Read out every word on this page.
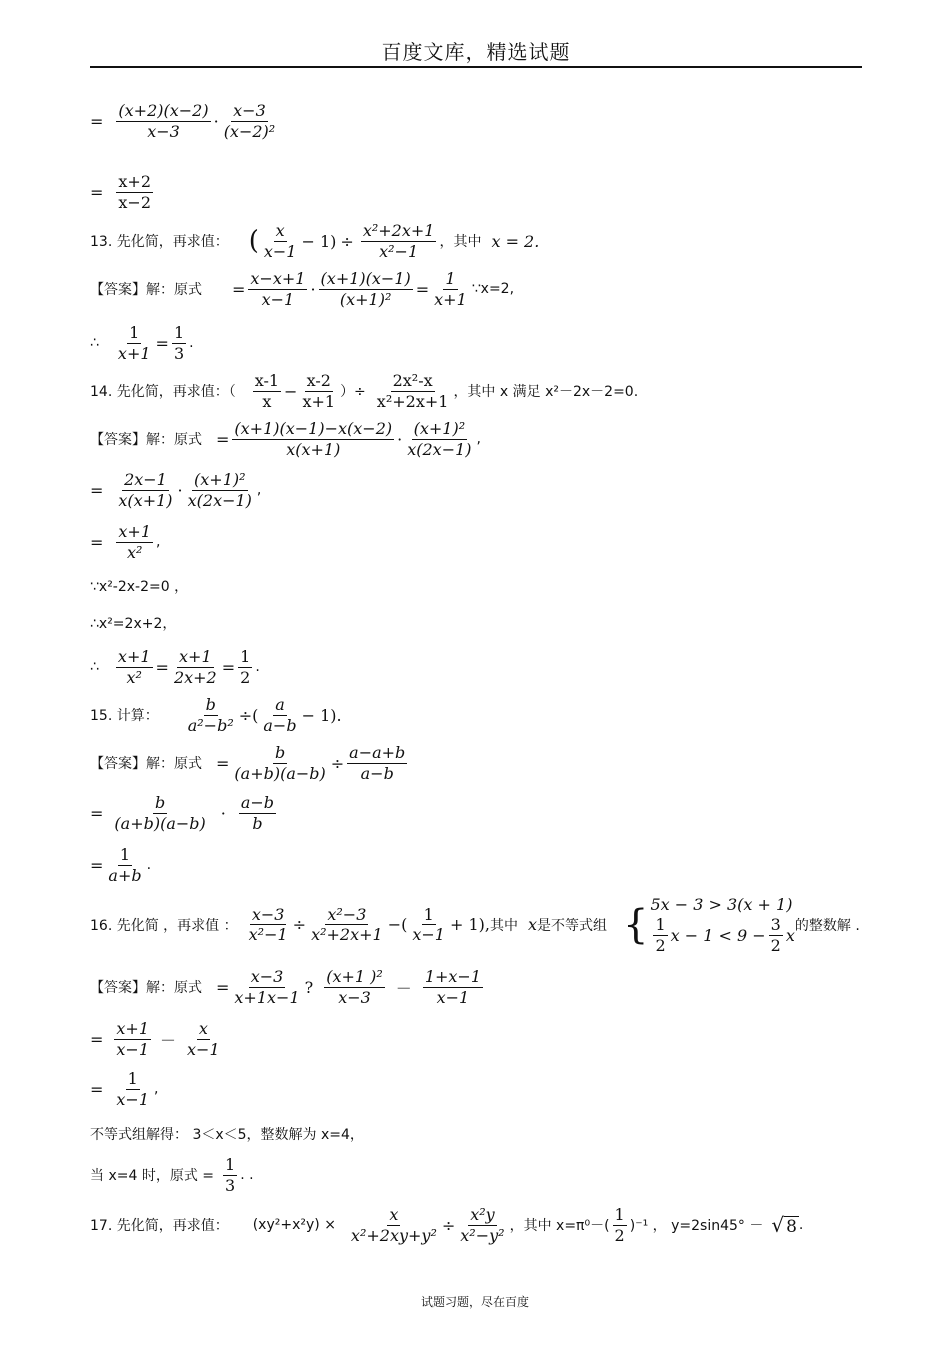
百度文库，精选试题
= $\frac{(x+2)(x-2)}{x-3} \cdot \frac{x-3}{\text{(x−2)²}}$
= $\frac{x+2}{x-2}$
13. 先化简，再求值： ( $\frac{x}{x-1} - 1) \div \frac{\text{x²+2x+1}}{\text{x²−1}}$ ，其中 x = 2.
【答案】解：原式 = $\frac{x-x+1}{x-1} \cdot \frac{(x+1)(x-1)}{\text{(x+1)²}} = \frac{1}{x+1}$ ∵x=2,
∴ $\frac{1}{x+1} = \frac{1}{3}$ .
14. 先化简，再求值：（ $\frac{x-1}{x} - \frac{x-2}{x+1}$ ）÷ $\frac{\text{2x²-x}}{\text{x²+2x+1}}$ ，其中 x 满足 x²－2x－2=0.
【答案】解：原式 = $\frac{(x+1)(x-1)-x(x-2)}{x(x+1)} \cdot \frac{\text{(x+1)²}}{x(2x-1)}$ ,
= $\frac{2x-1}{x(x+1)} \cdot \frac{\text{(x+1)²}}{x(2x-1)}$ ,
= $\frac{x+1}{\text{x²}}$ ,
∵x²-2x-2=0 ，
∴x²=2x+2，
∴ $\frac{x+1}{\text{x²}} = \frac{x+1}{2x+2} = \frac{1}{2}$ .
15. 计算： $\frac{b}{\text{a²−b²}}$ ÷( $\frac{a}{a-b} - 1$).
【答案】解：原式 = $\frac{b}{(a+b)(a-b)} \div \frac{a-a+b}{a-b}$
= $\frac{b}{(a+b)(a-b)} \cdot \frac{a-b}{b}$
= $\frac{1}{a+b}$ .
16. 先化简 ，再求值 ： $\frac{x-3}{\text{x²−1}} \div \frac{\text{x²−3}}{\text{x²+2x+1}}$ −( $\frac{1}{x-1} + 1$), 其中 x 是不等式组 { 5x − 3 > 3(x + 1)
$\frac{1}{2}$ $x - 1 < 9 - \frac{3}{2}$ x 的整数解 .
【答案】解：原式 = $\frac{x-3}{x+1x-1}$ ? $\frac{\text{(x+1 )²}}{x-3} - \frac{1+x-1}{x-1}$
= $\frac{x+1}{x-1} - \frac{x}{x-1}$
= $\frac{1}{x-1}$ ,
不等式组解得： 3＜x＜5，整数解为 x=4，
当 x=4 时，原式 = $\frac{1}{3}$ . .
17. 先化简，再求值： $(xy^2+x^2y) \times \frac{x}{\text{x²+2xy+y²}} \div \frac{\text{x²y}}{\text{x²−y²}}$ ，其中 $x=\pi^0-( \frac{1}{2} )^{-1}$ ， y=2sin45° － √ 8 .
试题习题，尽在百度
